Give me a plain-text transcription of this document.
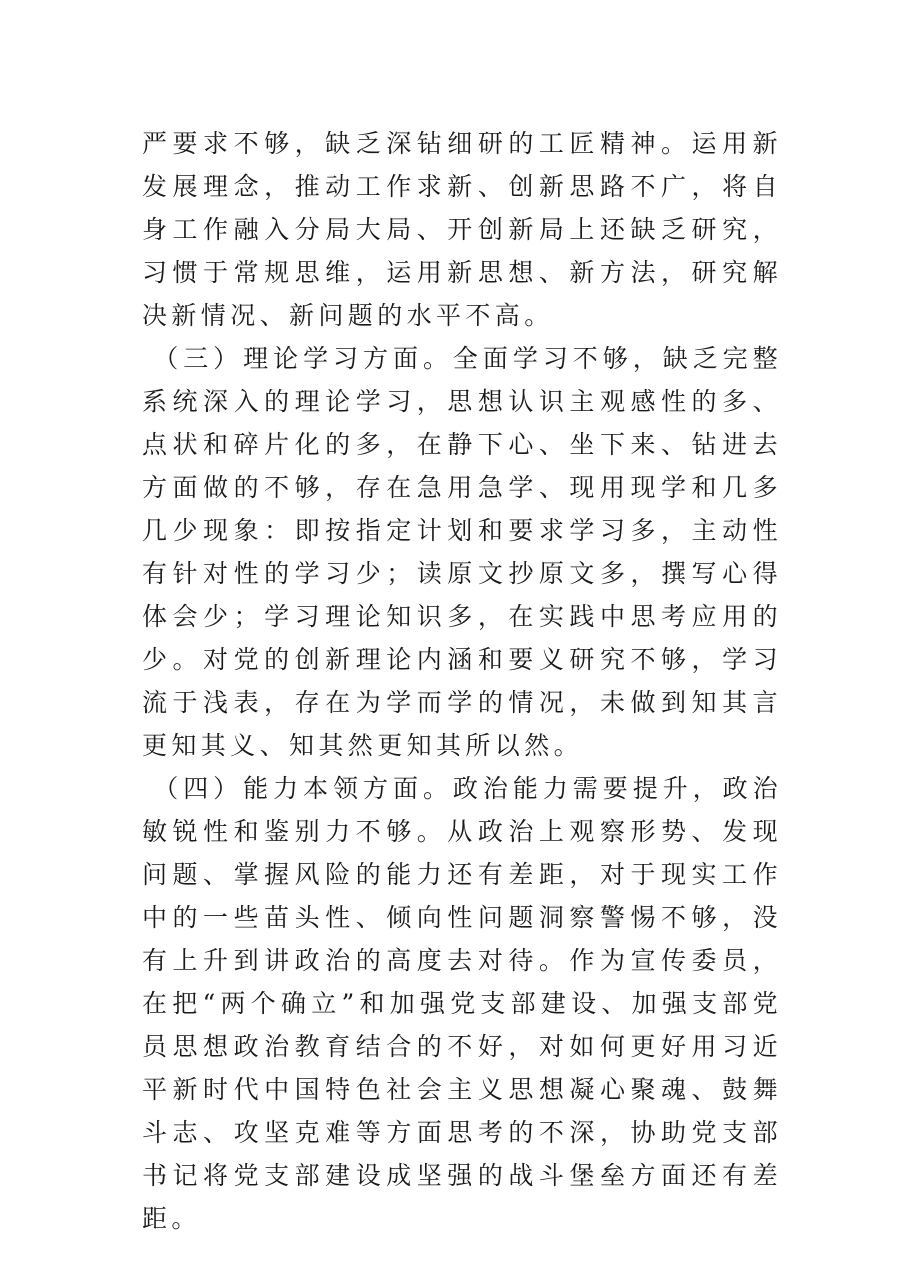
严要求不够，缺乏深钻细研的工匠精神。运用新发展理念，推动工作求新、创新思路不广，将自身工作融入分局大局、开创新局上还缺乏研究，习惯于常规思维，运用新思想、新方法，研究解决新情况、新问题的水平不高。

（三）理论学习方面。全面学习不够，缺乏完整系统深入的理论学习，思想认识主观感性的多、点状和碎片化的多，在静下心、坐下来、钻进去方面做的不够，存在急用急学、现用现学和几多几少现象：即按指定计划和要求学习多，主动性有针对性的学习少；读原文抄原文多，撰写心得体会少；学习理论知识多，在实践中思考应用的少。对党的创新理论内涵和要义研究不够，学习流于浅表，存在为学而学的情况，未做到知其言更知其义、知其然更知其所以然。

（四）能力本领方面。政治能力需要提升，政治敏锐性和鉴别力不够。从政治上观察形势、发现问题、掌握风险的能力还有差距，对于现实工作中的一些苗头性、倾向性问题洞察警惕不够，没有上升到讲政治的高度去对待。作为宣传委员，在把“两个确立”和加强党支部建设、加强支部党员思想政治教育结合的不好，对如何更好用习近平新时代中国特色社会主义思想凝心聚魂、鼓舞斗志、攻坚克难等方面思考的不深，协助党支部书记将党支部建设成坚强的战斗堡垒方面还有差距。
